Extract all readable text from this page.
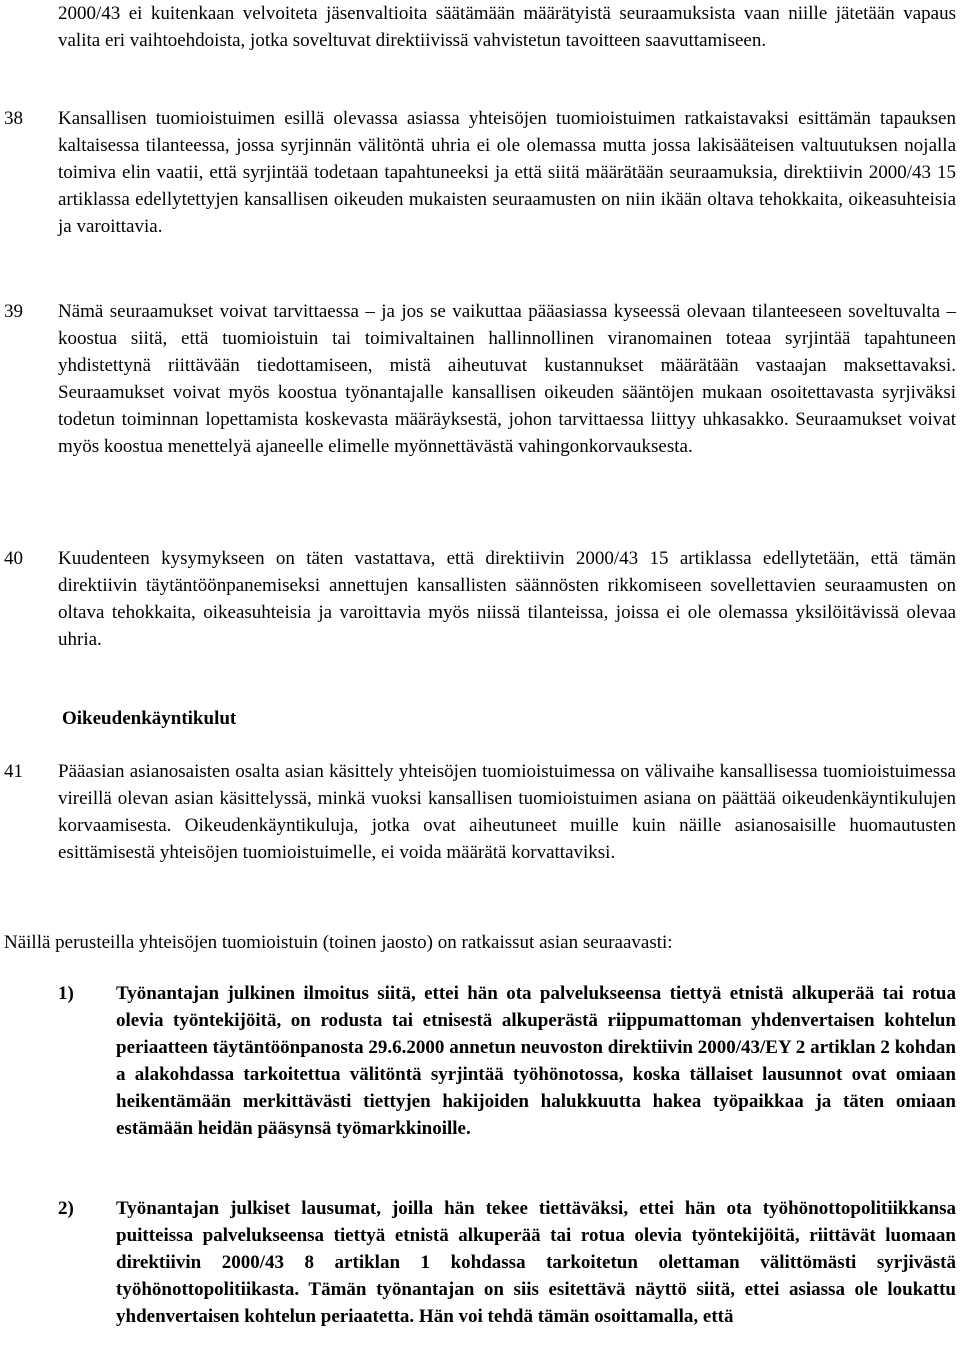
2000/43 ei kuitenkaan velvoiteta jäsenvaltioita säätämään määrätyistä seuraamuksista vaan niille jätetään vapaus valita eri vaihtoehdoista, jotka soveltuvat direktiivissä vahvistetun tavoitteen saavuttamiseen.

38 Kansallisen tuomioistuimen esillä olevassa asiassa yhteisöjen tuomioistuimen ratkaistavaksi esittämän tapauksen kaltaisessa tilanteessa, jossa syrjinnän välitöntä uhria ei ole olemassa mutta jossa lakisääteisen valtuutuksen nojalla toimiva elin vaatii, että syrjintää todetaan tapahtuneeksi ja että siitä määrätään seuraamuksia, direktiivin 2000/43 15 artiklassa edellytettyjen kansallisen oikeuden mukaisten seuraamusten on niin ikään oltava tehokkaita, oikeasuhteisia ja varoittavia.
39 Nämä seuraamukset voivat tarvittaessa – ja jos se vaikuttaa pääasiassa kyseessä olevaan tilanteeseen soveltuvalta – koostua siitä, että tuomioistuin tai toimivaltainen hallinnollinen viranomainen toteaa syrjintää tapahtuneen yhdistettynä riittävään tiedottamiseen, mistä aiheutuvat kustannukset määrätään vastaajan maksettavaksi. Seuraamukset voivat myös koostua työnantajalle kansallisen oikeuden sääntöjen mukaan osoitettavasta syrjiväksi todetun toiminnan lopettamista koskevasta määräyksestä, johon tarvittaessa liittyy uhkasakko. Seuraamukset voivat myös koostua menettelyä ajaneelle elimelle myönnettävästä vahingonkorvauksesta.
40 Kuudenteen kysymykseen on täten vastattava, että direktiivin 2000/43 15 artiklassa edellytetään, että tämän direktiivin täytäntöönpanemiseksi annettujen kansallisten säännösten rikkomiseen sovellettavien seuraamusten on oltava tehokkaita, oikeasuhteisia ja varoittavia myös niissä tilanteissa, joissa ei ole olemassa yksilöitävissä olevaa uhria.
Oikeudenkäyntikulut
41 Pääasian asianosaisten osalta asian käsittely yhteisöjen tuomioistuimessa on välivaihe kansallisessa tuomioistuimessa vireillä olevan asian käsittelyssä, minkä vuoksi kansallisen tuomioistuimen asiana on päättää oikeudenkäyntikulujen korvaamisesta. Oikeudenkäyntikuluja, jotka ovat aiheutuneet muille kuin näille asianosaisille huomautusten esittämisestä yhteisöjen tuomioistuimelle, ei voida määrätä korvattaviksi.

Näillä perusteilla yhteisöjen tuomioistuin (toinen jaosto) on ratkaissut asian seuraavasti:

1) Työnantajan julkinen ilmoitus siitä, ettei hän ota palvelukseensa tiettyä etnistä alkuperää tai rotua olevia työntekijöitä, on rodusta tai etnisestä alkuperästä riippumattoman yhdenvertaisen kohtelun periaatteen täytäntöönpanosta 29.6.2000 annetun neuvoston direktiivin 2000/43/EY 2 artiklan 2 kohdan a alakohdassa tarkoitettua välitöntä syrjintää työhönotossa, koska tällaiset lausunnot ovat omiaan heikentämään merkittävästi tiettyjen hakijoiden halukkuutta hakea työpaikkaa ja täten omiaan estämään heidän pääsynsä työmarkkinoille.
2) Työnantajan julkiset lausumat, joilla hän tekee tiettäväksi, ettei hän ota työhönottopolitiikkansa puitteissa palvelukseensa tiettyä etnistä alkuperää tai rotua olevia työntekijöitä, riittävät luomaan direktiivin 2000/43 8 artiklan 1 kohdassa tarkoitetun olettaman välittömästi syrjivästä työhönottopolitiikasta. Tämän työnantajan on siis esitettävä näyttö siitä, ettei asiassa ole loukattu yhdenvertaisen kohtelun periaatetta. Hän voi tehdä tämän osoittamalla, että
